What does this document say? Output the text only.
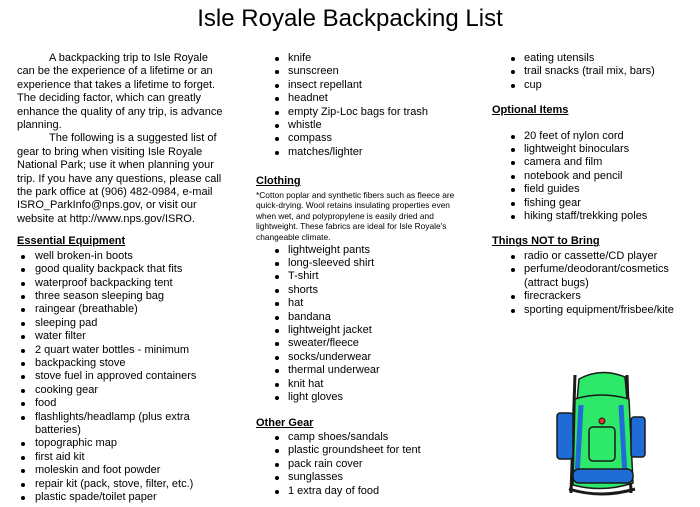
Isle Royale Backpacking List

A backpacking trip to Isle Royale can be the experience of a lifetime or an experience that takes a lifetime to forget. The deciding factor, which can greatly enhance the quality of any trip, is advance planning.

The following is a suggested list of gear to bring when visiting Isle Royale National Park; use it when planning your trip. If you have any questions, please call the park office at (906) 482-0984, e-mail ISRO_ParkInfo@nps.gov, or visit our website at http://www.nps.gov/ISRO.

Essential Equipment
well broken-in boots
good quality backpack that fits
waterproof backpacking tent
three season sleeping bag
raingear (breathable)
sleeping pad
water filter
2 quart water bottles - minimum
backpacking stove
stove fuel in approved containers
cooking gear
food
flashlights/headlamp (plus extra batteries)
topographic map
first aid kit
moleskin and foot powder
repair kit (pack, stove, filter, etc.)
plastic spade/toilet paper
knife
sunscreen
insect repellant
headnet
empty Zip-Loc bags for trash
whistle
compass
matches/lighter
Clothing
*Cotton poplar and synthetic fibers such as fleece are quick-drying. Wool retains insulating properties even when wet, and polypropylene is easily dried and lightweight. These fabrics are ideal for Isle Royale's changeable climate.
lightweight pants
long-sleeved shirt
T-shirt
shorts
hat
bandana
lightweight jacket
sweater/fleece
socks/underwear
thermal underwear
knit hat
light gloves
Other Gear
camp shoes/sandals
plastic groundsheet for tent
pack rain cover
sunglasses
1 extra day of food
eating utensils
trail snacks (trail mix, bars)
cup
Optional Items
20 feet of nylon cord
lightweight binoculars
camera and film
notebook and pencil
field guides
fishing gear
hiking staff/trekking poles
Things NOT to Bring
radio or cassette/CD player
perfume/deodorant/cosmetics (attract bugs)
firecrackers
sporting equipment/frisbee/kite
